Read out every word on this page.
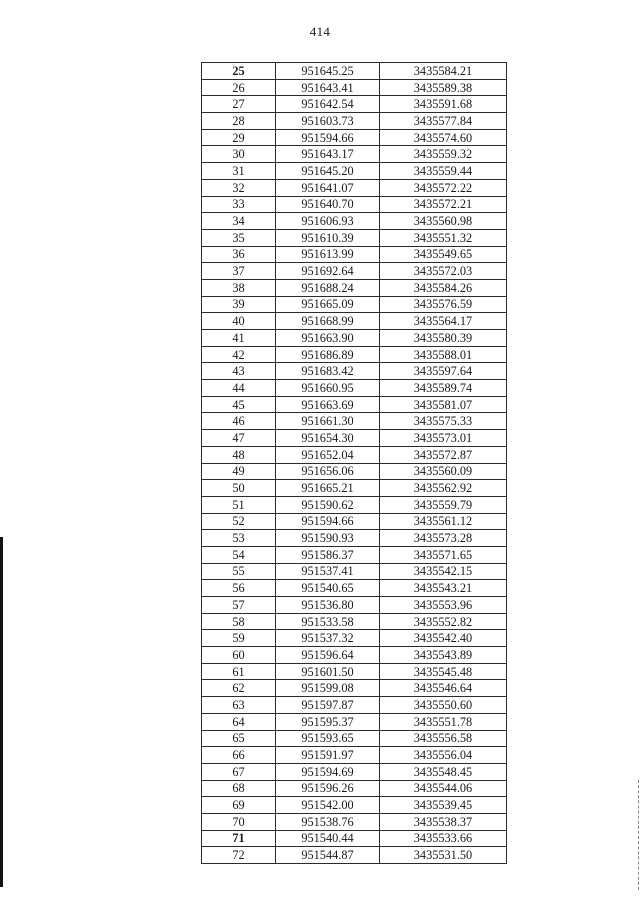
414
25	951645.25	3435584.21
26	951643.41	3435589.38
27	951642.54	3435591.68
28	951603.73	3435577.84
29	951594.66	3435574.60
30	951643.17	3435559.32
31	951645.20	3435559.44
32	951641.07	3435572.22
33	951640.70	3435572.21
34	951606.93	3435560.98
35	951610.39	3435551.32
36	951613.99	3435549.65
37	951692.64	3435572.03
38	951688.24	3435584.26
39	951665.09	3435576.59
40	951668.99	3435564.17
41	951663.90	3435580.39
42	951686.89	3435588.01
43	951683.42	3435597.64
44	951660.95	3435589.74
45	951663.69	3435581.07
46	951661.30	3435575.33
47	951654.30	3435573.01
48	951652.04	3435572.87
49	951656.06	3435560.09
50	951665.21	3435562.92
51	951590.62	3435559.79
52	951594.66	3435561.12
53	951590.93	3435573.28
54	951586.37	3435571.65
55	951537.41	3435542.15
56	951540.65	3435543.21
57	951536.80	3435553.96
58	951533.58	3435552.82
59	951537.32	3435542.40
60	951596.64	3435543.89
61	951601.50	3435545.48
62	951599.08	3435546.64
63	951597.87	3435550.60
64	951595.37	3435551.78
65	951593.65	3435556.58
66	951591.97	3435556.04
67	951594.69	3435548.45
68	951596.26	3435544.06
69	951542.00	3435539.45
70	951538.76	3435538.37
71	951540.44	3435533.66
72	951544.87	3435531.50
